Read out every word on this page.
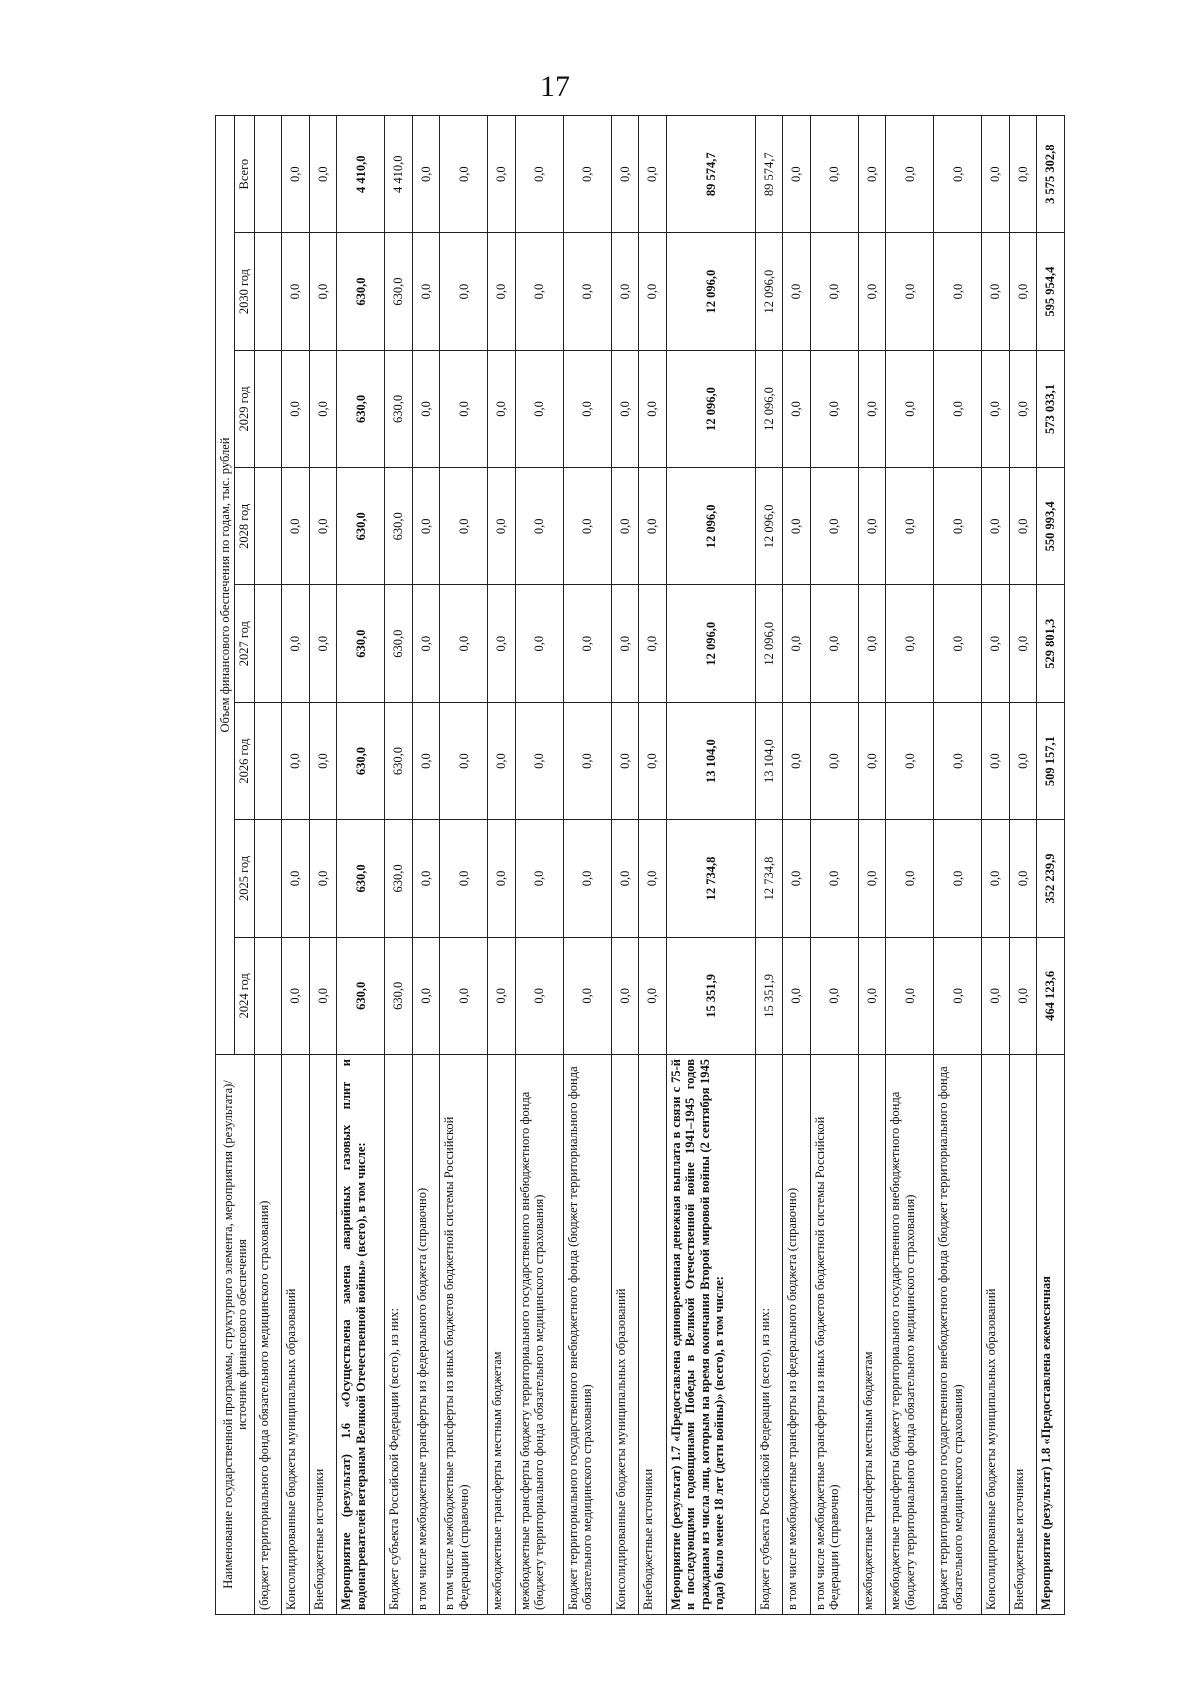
17
Наименование государственной программы, структурного элемента, мероприятия (результата)/источник финансового обеспечения	Объем финансового обеспечения по годам, тыс. рублей							
	2024 год	2025 год	2026 год	2027 год	2028 год	2029 год	2030 год	Всего
(бюджет территориального фонда обязательного медицинского страхования)								
Консолидированные бюджеты муниципальных образований	0,0	0,0	0,0	0,0	0,0	0,0	0,0	0,0
Внебюджетные источники	0,0	0,0	0,0	0,0	0,0	0,0	0,0	0,0
Мероприятие (результат) 1.6 «Осуществлена замена аварийных газовых плит и водонагревателей ветеранам Великой Отечественной войны» (всего), в том числе:	630,0	630,0	630,0	630,0	630,0	630,0	630,0	4 410,0
Бюджет субъекта Российской Федерации (всего), из них:	630,0	630,0	630,0	630,0	630,0	630,0	630,0	4 410,0
в том числе межбюджетные трансферты из федерального бюджета (справочно)	0,0	0,0	0,0	0,0	0,0	0,0	0,0	0,0
в том числе межбюджетные трансферты из иных бюджетов бюджетной системы Российской Федерации (справочно)	0,0	0,0	0,0	0,0	0,0	0,0	0,0	0,0
межбюджетные трансферты местным бюджетам	0,0	0,0	0,0	0,0	0,0	0,0	0,0	0,0
межбюджетные трансферты бюджету территориального государственного внебюджетного фонда (бюджету территориального фонда обязательного медицинского страхования)	0,0	0,0	0,0	0,0	0,0	0,0	0,0	0,0
Бюджет территориального государственного внебюджетного фонда (бюджет территориального фонда обязательного медицинского страхования)	0,0	0,0	0,0	0,0	0,0	0,0	0,0	0,0
Консолидированные бюджеты муниципальных образований	0,0	0,0	0,0	0,0	0,0	0,0	0,0	0,0
Внебюджетные источники	0,0	0,0	0,0	0,0	0,0	0,0	0,0	0,0
Мероприятие (результат) 1.7 «Предоставлена единовременная денежная выплата в связи с 75-й и последующими годовщинами Победы в Великой Отечественной войне 1941–1945 годов гражданам из числа лиц, которым на время окончания Второй мировой войны (2 сентября 1945 года) было менее 18 лет (дети войны)» (всего), в том числе:	15 351,9	12 734,8	13 104,0	12 096,0	12 096,0	12 096,0	12 096,0	89 574,7
Бюджет субъекта Российской Федерации (всего), из них:	15 351,9	12 734,8	13 104,0	12 096,0	12 096,0	12 096,0	12 096,0	89 574,7
в том числе межбюджетные трансферты из федерального бюджета (справочно)	0,0	0,0	0,0	0,0	0,0	0,0	0,0	0,0
в том числе межбюджетные трансферты из иных бюджетов бюджетной системы Российской Федерации (справочно)	0,0	0,0	0,0	0,0	0,0	0,0	0,0	0,0
межбюджетные трансферты местным бюджетам	0,0	0,0	0,0	0,0	0,0	0,0	0,0	0,0
межбюджетные трансферты бюджету территориального государственного внебюджетного фонда (бюджету территориального фонда обязательного медицинского страхования)	0,0	0,0	0,0	0,0	0,0	0,0	0,0	0,0
Бюджет территориального государственного внебюджетного фонда (бюджет территориального фонда обязательного медицинского страхования)	0,0	0,0	0,0	0,0	0,0	0,0	0,0	0,0
Консолидированные бюджеты муниципальных образований	0,0	0,0	0,0	0,0	0,0	0,0	0,0	0,0
Внебюджетные источники	0,0	0,0	0,0	0,0	0,0	0,0	0,0	0,0
Мероприятие (результат) 1.8 «Предоставлена ежемесячная	464 123,6	352 239,9	509 157,1	529 801,3	550 993,4	573 033,1	595 954,4	3 575 302,8
